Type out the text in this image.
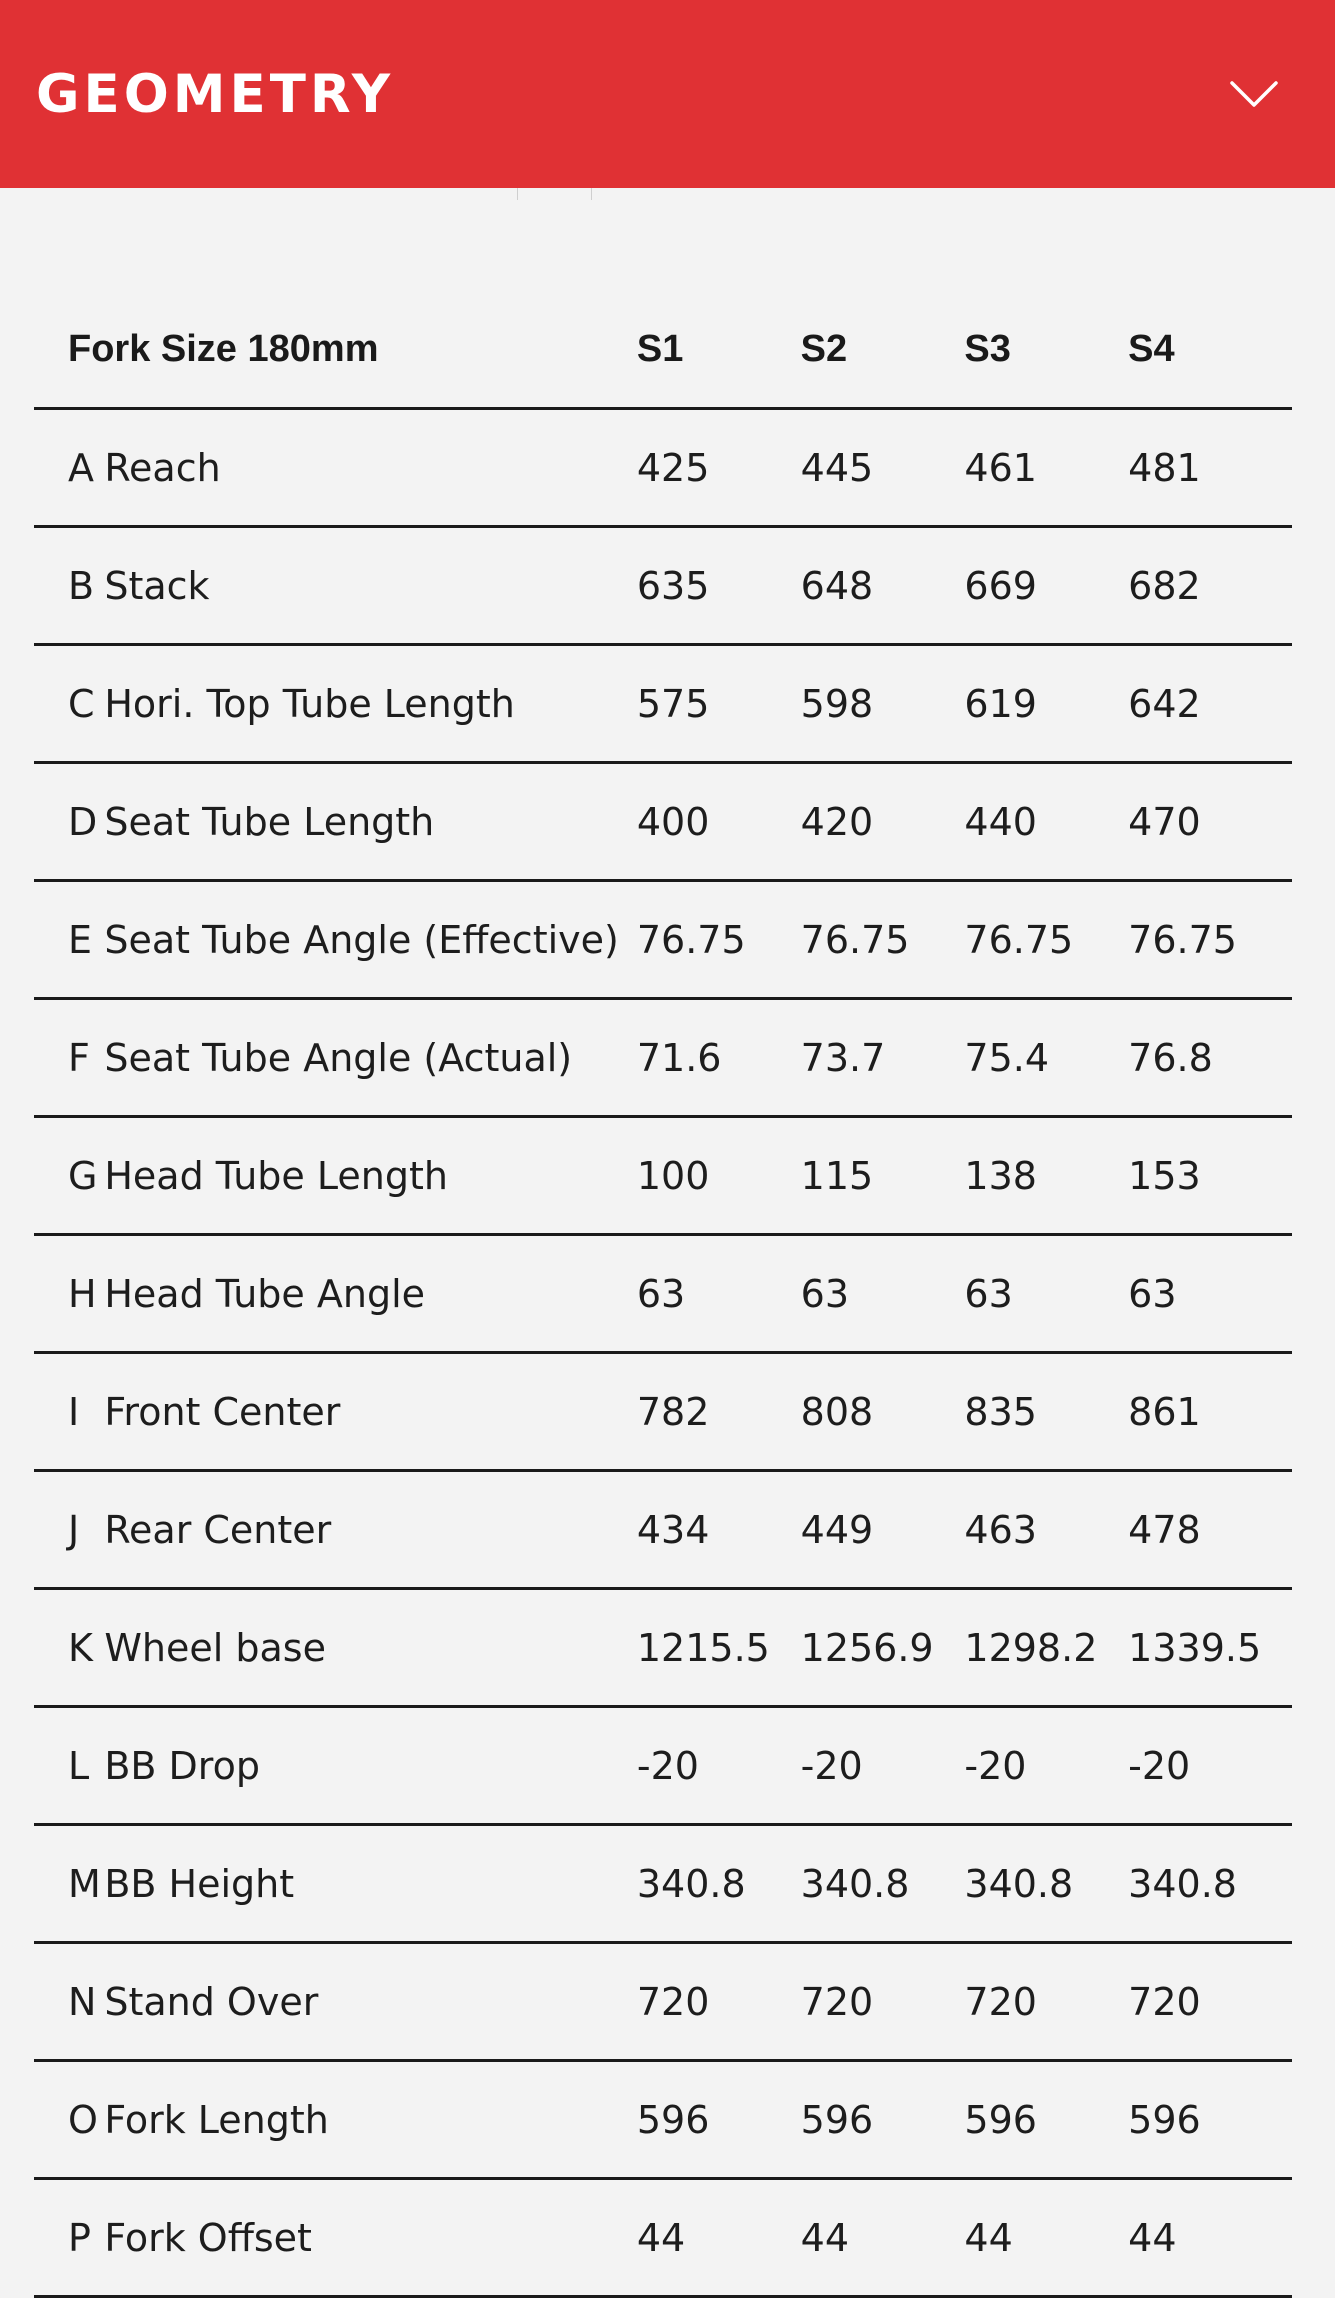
GEOMETRY
Fork Size 180mm		S1	S2	S3	S4
A	Reach	425	445	461	481
B	Stack	635	648	669	682
C	Hori. Top Tube Length	575	598	619	642
D	Seat Tube Length	400	420	440	470
E	Seat Tube Angle (Effective)	76.75	76.75	76.75	76.75
F	Seat Tube Angle (Actual)	71.6	73.7	75.4	76.8
G	Head Tube Length	100	115	138	153
H	Head Tube Angle	63	63	63	63
I	Front Center	782	808	835	861
J	Rear Center	434	449	463	478
K	Wheel base	1215.5	1256.9	1298.2	1339.5
L	BB Drop	-20	-20	-20	-20
M	BB Height	340.8	340.8	340.8	340.8
N	Stand Over	720	720	720	720
O	Fork Length	596	596	596	596
P	Fork Offset	44	44	44	44
